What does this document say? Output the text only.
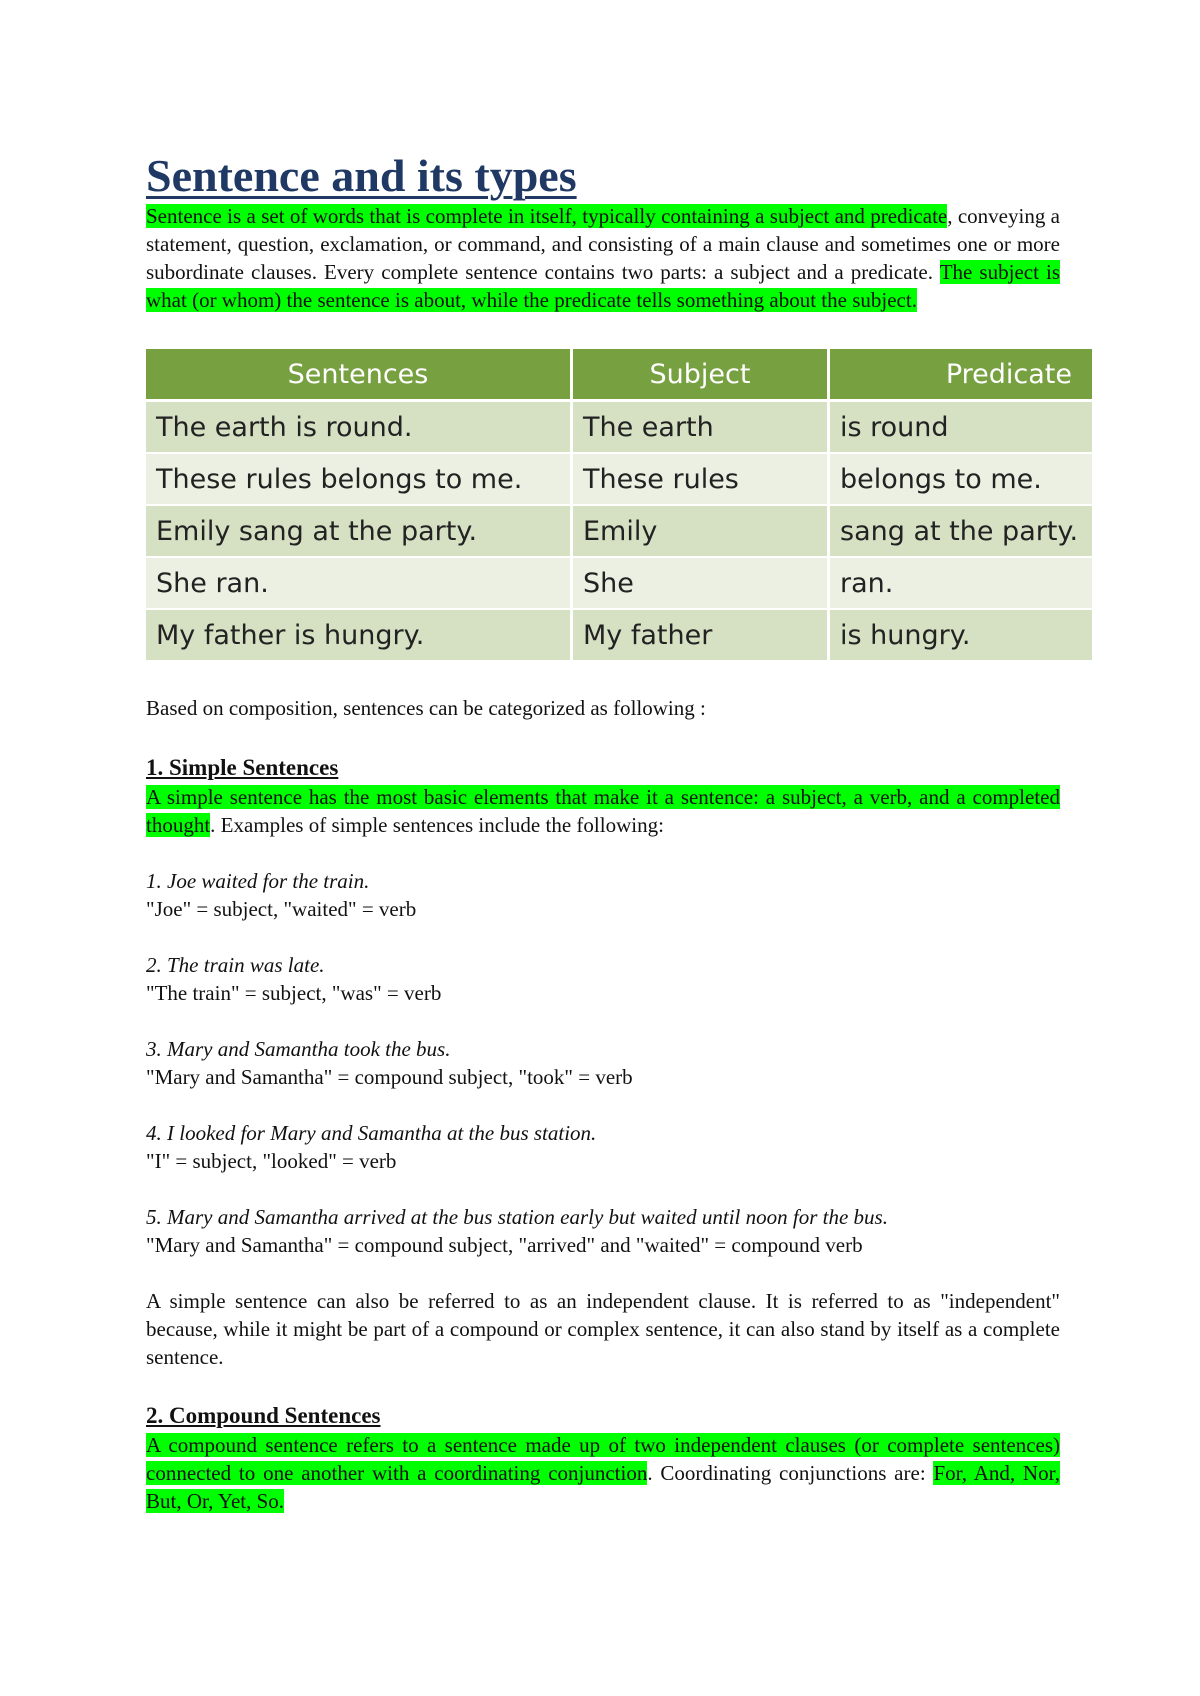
Sentence and its types

Sentence is a set of words that is complete in itself, typically containing a subject and predicate, conveying a statement, question, exclamation, or command, and consisting of a main clause and sometimes one or more subordinate clauses. Every complete sentence contains two parts: a subject and a predicate. The subject is what (or whom) the sentence is about, while the predicate tells something about the subject.

Sentences	Subject	Predicate
The earth is round.	The earth	is round
These rules belongs to me.	These rules	belongs to me.
Emily sang at the party.	Emily	sang at the party.
She ran.	She	ran.
My father is hungry.	My father	is hungry.

Based on composition, sentences can be categorized as following :

1. Simple Sentences

A simple sentence has the most basic elements that make it a sentence: a subject, a verb, and a completed thought. Examples of simple sentences include the following:

1. Joe waited for the train.

"Joe" = subject, "waited" = verb

2. The train was late.

"The train" = subject, "was" = verb

3. Mary and Samantha took the bus.

"Mary and Samantha" = compound subject, "took" = verb

4. I looked for Mary and Samantha at the bus station.

"I" = subject, "looked" = verb

5. Mary and Samantha arrived at the bus station early but waited until noon for the bus.

"Mary and Samantha" = compound subject, "arrived" and "waited" = compound verb

A simple sentence can also be referred to as an independent clause. It is referred to as "independent" because, while it might be part of a compound or complex sentence, it can also stand by itself as a complete sentence.

2. Compound Sentences

A compound sentence refers to a sentence made up of two independent clauses (or complete sentences) connected to one another with a coordinating conjunction. Coordinating conjunctions are: For, And, Nor, But, Or, Yet, So.
